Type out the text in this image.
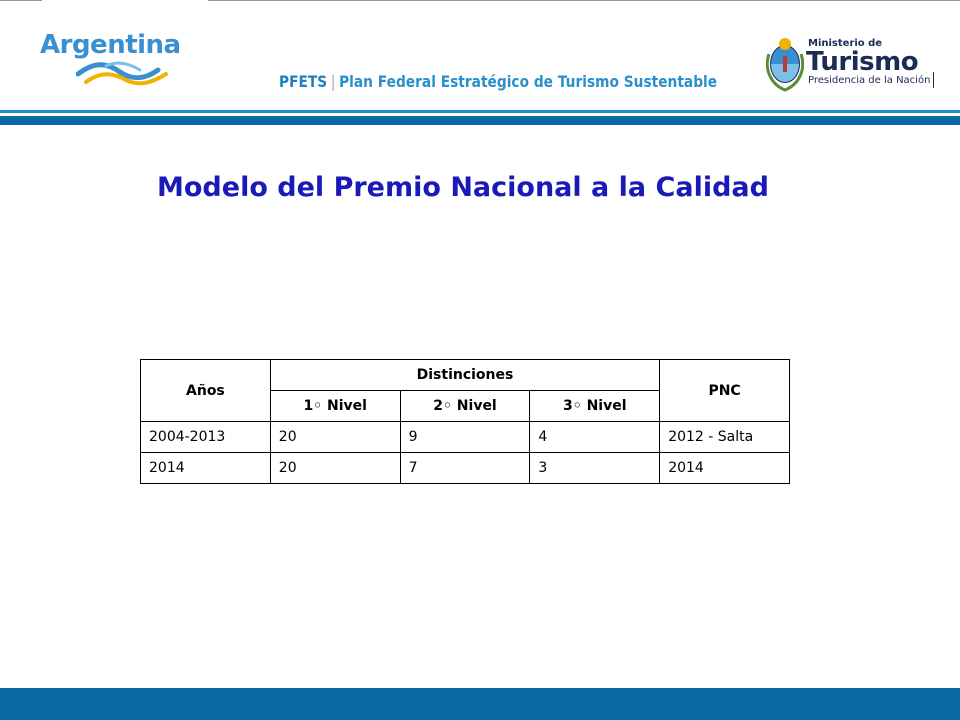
Argentina
PFETS | Plan Federal Estratégico de Turismo Sustentable
Ministerio de
Turismo
Presidencia de la Nación
Modelo del Premio Nacional a la Calidad
Años	Distinciones			PNC
	1◦ Nivel	2◦ Nivel	3◦ Nivel	
2004-2013	20	9	4	2012 - Salta
2014	20	7	3	2014
